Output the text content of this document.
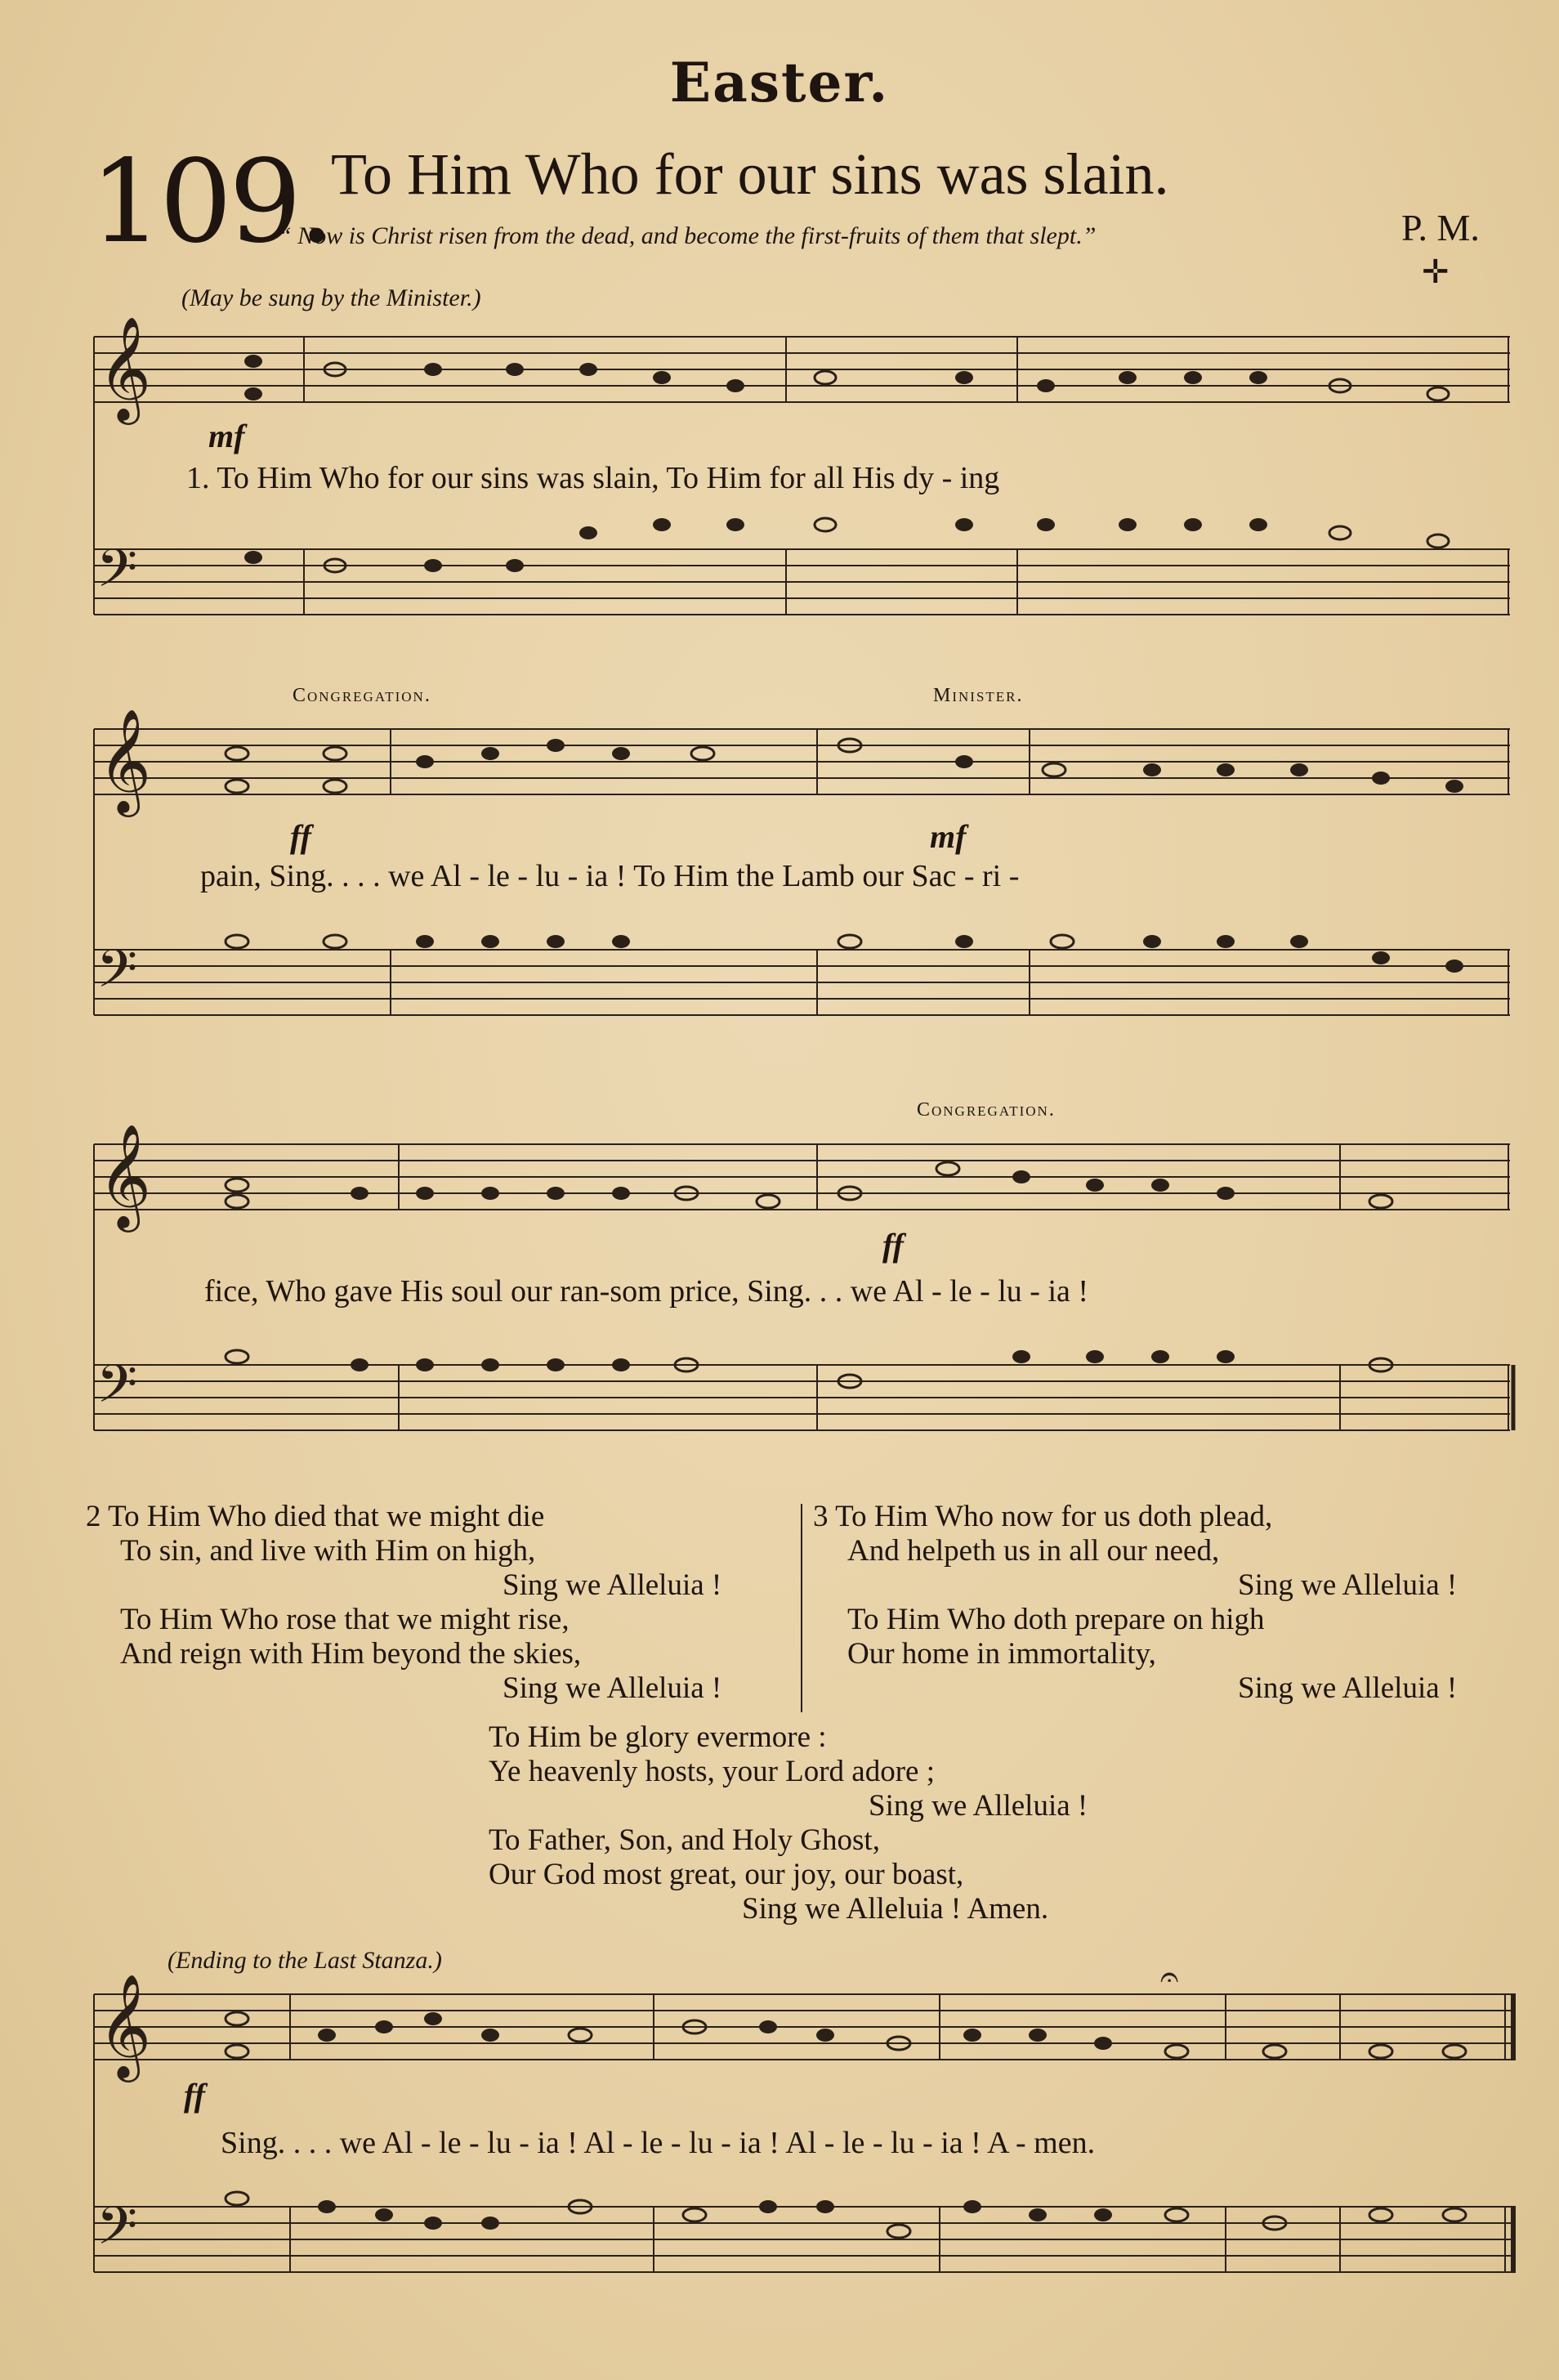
Easter.
109. To Him Who for our sins was slain.
“ Now is Christ risen from the dead, and become the first-fruits of them that slept.”	P. M.
✛
(May be sung by the Minister.)
𝄞
𝄢
mf
1. To Him Who for our sins was slain, To Him for all His dy - ing
Congregation.	Minister.
𝄞
𝄢
ff	mf
pain, Sing. . . . we Al - le - lu - ia ! To Him the Lamb our Sac - ri -
Congregation.
𝄞
𝄢
ff
fice, Who gave His soul our ran-som price, Sing. . . we Al - le - lu - ia !
2 To Him Who died that we might die
To sin, and live with Him on high,
Sing we Alleluia !
To Him Who rose that we might rise,
And reign with Him beyond the skies,
Sing we Alleluia !
3 To Him Who now for us doth plead,
And helpeth us in all our need,
Sing we Alleluia !
To Him Who doth prepare on high
Our home in immortality,
Sing we Alleluia !
To Him be glory evermore :
Ye heavenly hosts, your Lord adore ;
Sing we Alleluia !
To Father, Son, and Holy Ghost,
Our God most great, our joy, our boast,
Sing we Alleluia ! Amen.
(Ending to the Last Stanza.)
𝄞
𝄢
𝄐
ff
Sing. . . . we Al - le - lu - ia ! Al - le - lu - ia ! Al - le - lu - ia ! A - men.
